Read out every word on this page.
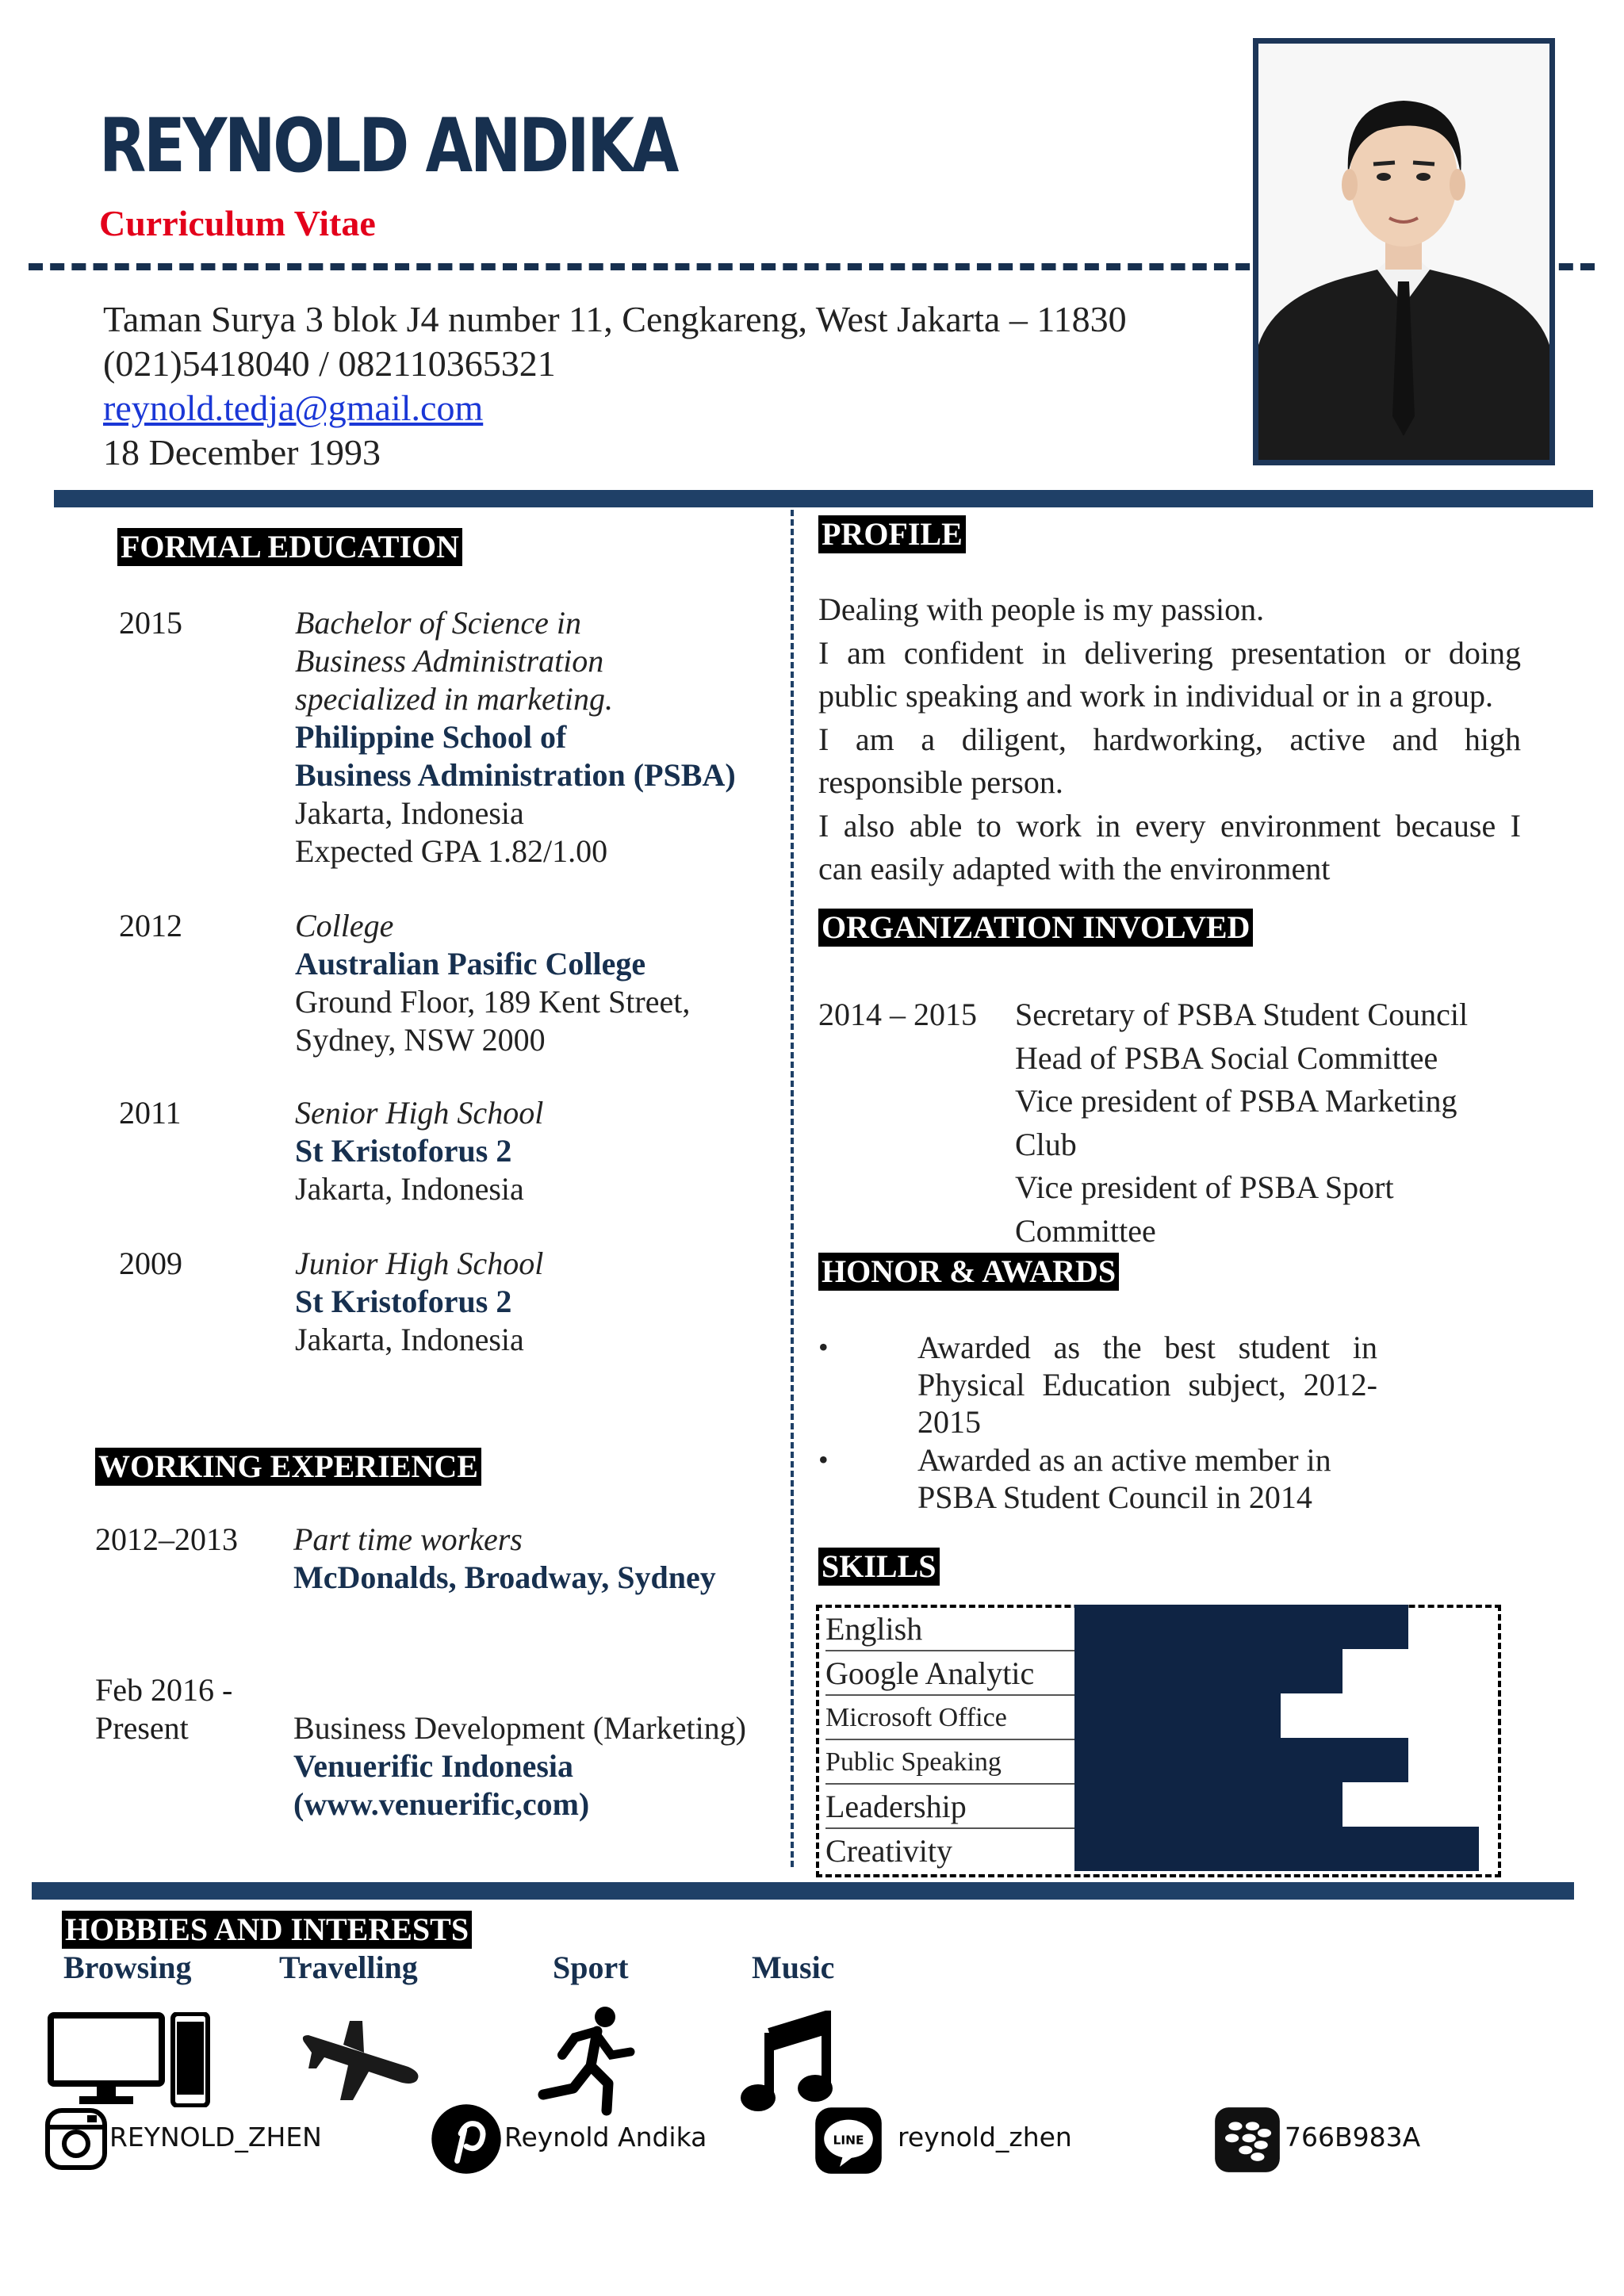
REYNOLD ANDIKA
Curriculum Vitae
Taman Surya 3 blok J4 number 11, Cengkareng, West Jakarta – 11830
(021)5418040 / 082110365321
reynold.tedja@gmail.com
18 December 1993
FORMAL EDUCATION
2015	Bachelor of Science in
Business Administration
specialized in marketing.
Philippine School of
Business Administration (PSBA)
Jakarta, Indonesia
Expected GPA 1.82/1.00
2012	College
Australian Pasific College
Ground Floor, 189 Kent Street,
Sydney, NSW 2000
2011	Senior High School
St Kristoforus 2
Jakarta, Indonesia
2009	Junior High School
St Kristoforus 2
Jakarta, Indonesia
WORKING EXPERIENCE
2012–2013 Part time workers
McDonalds, Broadway, Sydney
Feb 2016 -
Present	Business Development (Marketing)
Venuerific Indonesia
(www.venuerific,com)
PROFILE
Dealing with people is my passion.
I am confident in delivering presentation or doing
public speaking and work in individual or in a group.
I am a diligent, hardworking, active and high
responsible person.
I also able to work in every environment because I
can easily adapted with the environment
ORGANIZATION INVOLVED
2014 – 2015 Secretary of PSBA Student Council
Head of PSBA Social Committee
Vice president of PSBA Marketing
Club
Vice president of PSBA Sport
Committee
HONOR & AWARDS
•	Awarded as the best student in
Physical Education subject, 2012-
2015
•	Awarded as an active member in
PSBA Student Council in 2014
SKILLS
English
Google Analytic
Microsoft Office
Public Speaking
Leadership
Creativity
HOBBIES AND INTERESTS
Browsing	Travelling	Sport	Music
REYNOLD_ZHEN	Reynold Andika	LINE reynold_zhen	766B983A
